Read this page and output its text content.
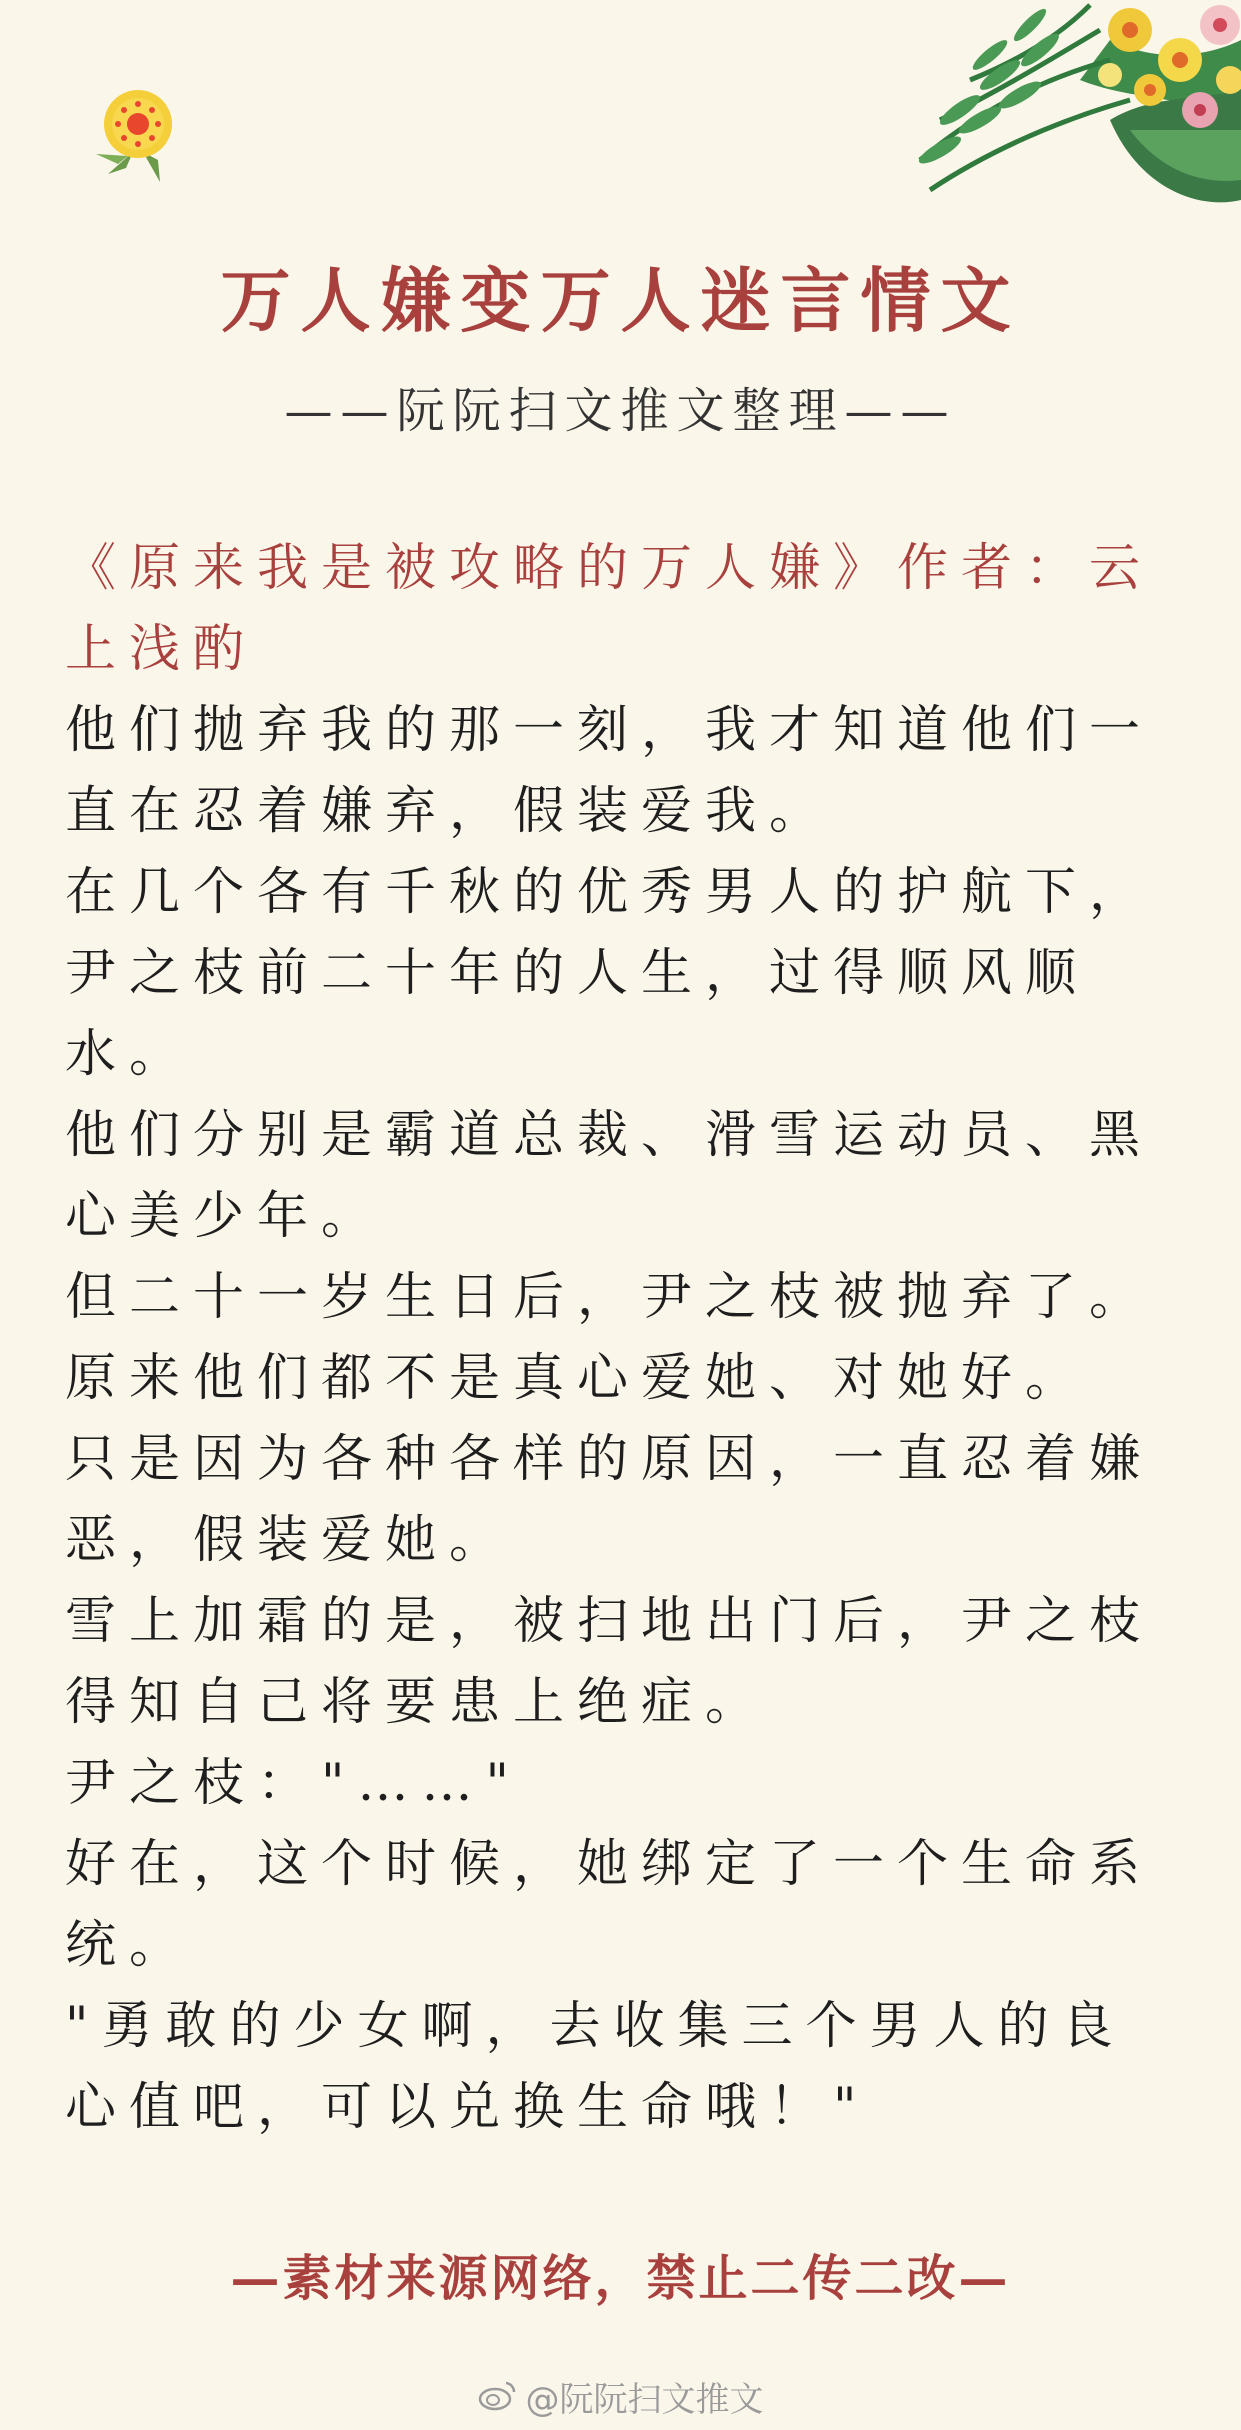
万人嫌变万人迷言情文
——阮阮扫文推文整理——

《原来我是被攻略的万人嫌》作者：云上浅酌

他们抛弃我的那一刻，我才知道他们一直在忍着嫌弃，假装爱我。

在几个各有千秋的优秀男人的护航下，尹之枝前二十年的人生，过得顺风顺水。

他们分别是霸道总裁、滑雪运动员、黑心美少年。

但二十一岁生日后，尹之枝被抛弃了。

原来他们都不是真心爱她、对她好。

只是因为各种各样的原因，一直忍着嫌恶，假装爱她。

雪上加霜的是，被扫地出门后，尹之枝得知自己将要患上绝症。

尹之枝："……"

好在，这个时候，她绑定了一个生命系统。

"勇敢的少女啊，去收集三个男人的良心值吧，可以兑换生命哦！"

—素材来源网络，禁止二传二改—
@阮阮扫文推文
